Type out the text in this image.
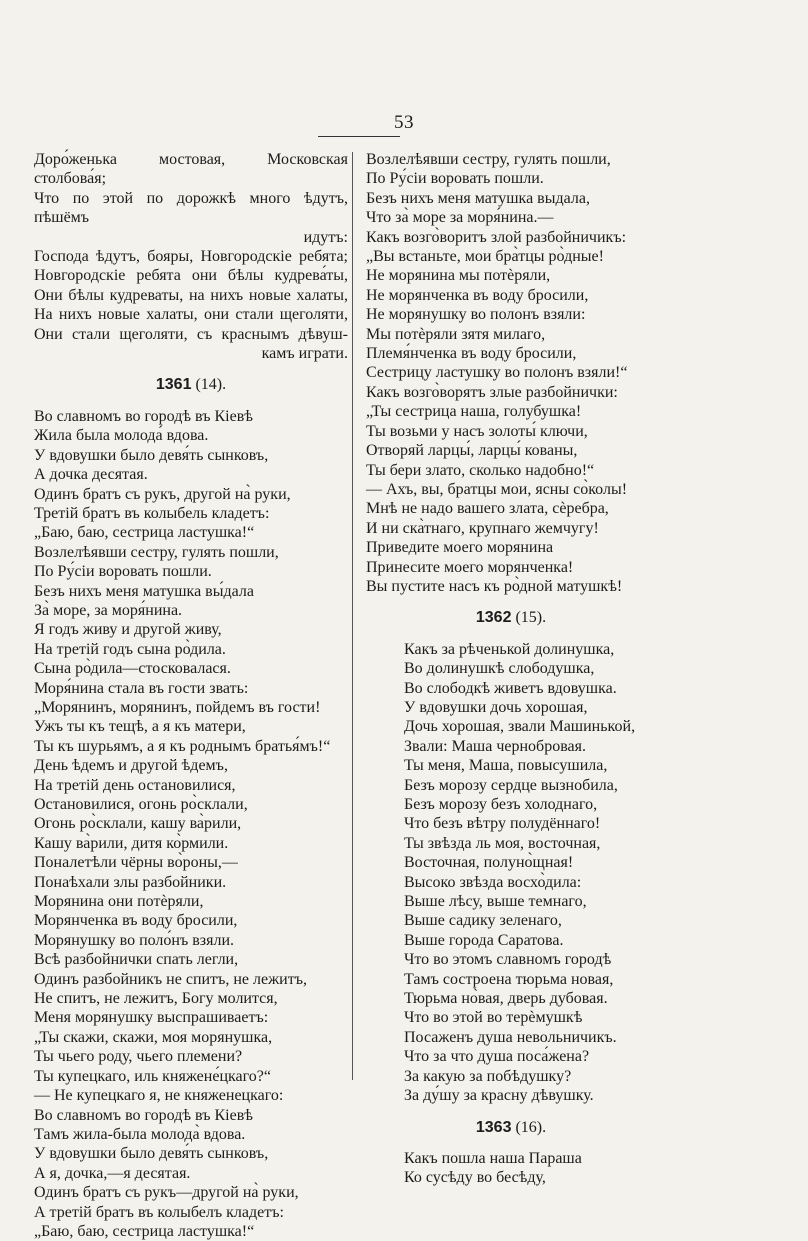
53
Доро́женька мостовая, Московская столбова́я;
Что по этой по дорожкѣ много ѣдутъ, пѣшёмъ
идутъ:
Господа ѣдутъ, бояры, Новгородскіе ребята;
Новгородскіе ребята они бѣлы кудрева́ты,
Они бѣлы кудреваты, на нихъ новые халаты,
На нихъ новые халаты, они стали щеголяти,
Они стали щеголяти, съ краснымъ дѣвуш-
камъ играти.
1361 (14).
Во славномъ во городѣ въ Кіевѣ
Жила была молода́ вдова.
У вдовушки было девя́ть сынковъ,
А дочка десятая.
Одинъ братъ съ рукъ, другой на̀ руки,
Третій братъ въ колыбель кладетъ:
„Баю, баю, сестрица ластушка!“
Возлелѣявши сестру, гулять пошли,
По Ру́сіи воровать пошли.
Безъ нихъ меня матушка вы́дала
За̀ море, за моря́нина.
Я годъ живу и другой живу,
На третій годъ сына ро̀дила.
Сына ро̀дила—стосковалася.
Моря́нина стала въ гости звать:
„Морянинъ, морянинъ, пойдемъ въ гости!
Ужъ ты къ тещѣ, а я къ матери,
Ты къ шурьямъ, а я къ роднымъ братья́мъ!“
День ѣдемъ и другой ѣдемъ,
На третій день остановилися,
Остановилися, огонь ро̀склали,
Огонь ро̀склали, кашу ва̀рили,
Кашу ва̀рили, дитя ко̀рмили.
Поналетѣли чёрны во̀роны,—
Понаѣхали злы разбойники.
Морянина они потѐряли,
Морянченка въ воду бросили,
Морянушку во поло́нъ взяли.
Всѣ разбойнички спать легли,
Одинъ разбойникъ не спитъ, не лежитъ,
Не спитъ, не лежитъ, Богу молится,
Меня морянушку выспрашиваетъ:
„Ты скажи, скажи, моя морянушка,
Ты чьего роду, чьего племени?
Ты купецкаго, иль княжене́цкаго?“
— Не купецкаго я, не княженецкаго:
Во славномъ во городѣ въ Кіевѣ
Тамъ жила-была молода̀ вдова.
У вдовушки было девя́ть сынковъ,
А я, дочка,—я десятая.
Одинъ братъ съ рукъ—другой на̀ руки,
А третій братъ въ колыбелъ кладетъ:
„Баю, баю, сестрица ластушка!“
Возлелѣявши сестру, гулять пошли,
По Ру́сіи воровать пошли.
Безъ нихъ меня матушка выдала,
Что за̀ море за моря́нина.—
Какъ возго̀воритъ злой разбойничикъ:
„Вы встаньте, мои бра̀тцы ро̀дные!
Не морянина мы потѐряли,
Не морянченка въ воду бросили,
Не морянушку во полонъ взяли:
Мы потѐряли зятя милаго,
Племя́нченка въ воду бросили,
Сестрицу ластушку во полонъ взяли!“
Какъ возго̀ворятъ злые разбойнички:
„Ты сестрица наша, голубушка!
Ты возьми у насъ золоты́ ключи,
Отворяй ларцы́, ларцы́ кованы,
Ты бери злато, сколько надобно!“
— Ахъ, вы, братцы мои, ясны со̀колы!
Мнѣ не надо вашего злата, сѐребра,
И ни ска̀тнаго, крупнаго жемчугу!
Приведите моего морянина
Принесите моего морянченка!
Вы пустите насъ къ ро̀дной матушкѣ!
1362 (15).
Какъ за рѣченькой долинушка,
Во долинушкѣ слободушка,
Во слободкѣ живетъ вдовушка.
У вдовушки дочь хорошая,
Дочь хорошая, звали Машинькой,
Звали: Маша чернобровая.
Ты меня, Маша, повысушила,
Безъ морозу сердце вызнобила,
Безъ морозу безъ холоднаго,
Что безъ вѣтру полудённаго!
Ты звѣзда ль моя, восточная,
Восточная, полуно̀щная!
Высоко звѣзда восхо̀дила:
Выше лѣсу, выше темнаго,
Выше садику зеленаго,
Выше города Саратова.
Что во этомъ славномъ городѣ
Тамъ состроена тюрьма новая,
Тюрьма но̀вая, дверь дубовая.
Что во этой во терѐмушкѣ
Посаженъ душа невольничикъ.
Что за что душа поса́жена?
За какую за побѣдушку?
За ду́шу за красну дѣвушку.
1363 (16).
Какъ пошла наша Параша
Ко сусѣду во бесѣду,
